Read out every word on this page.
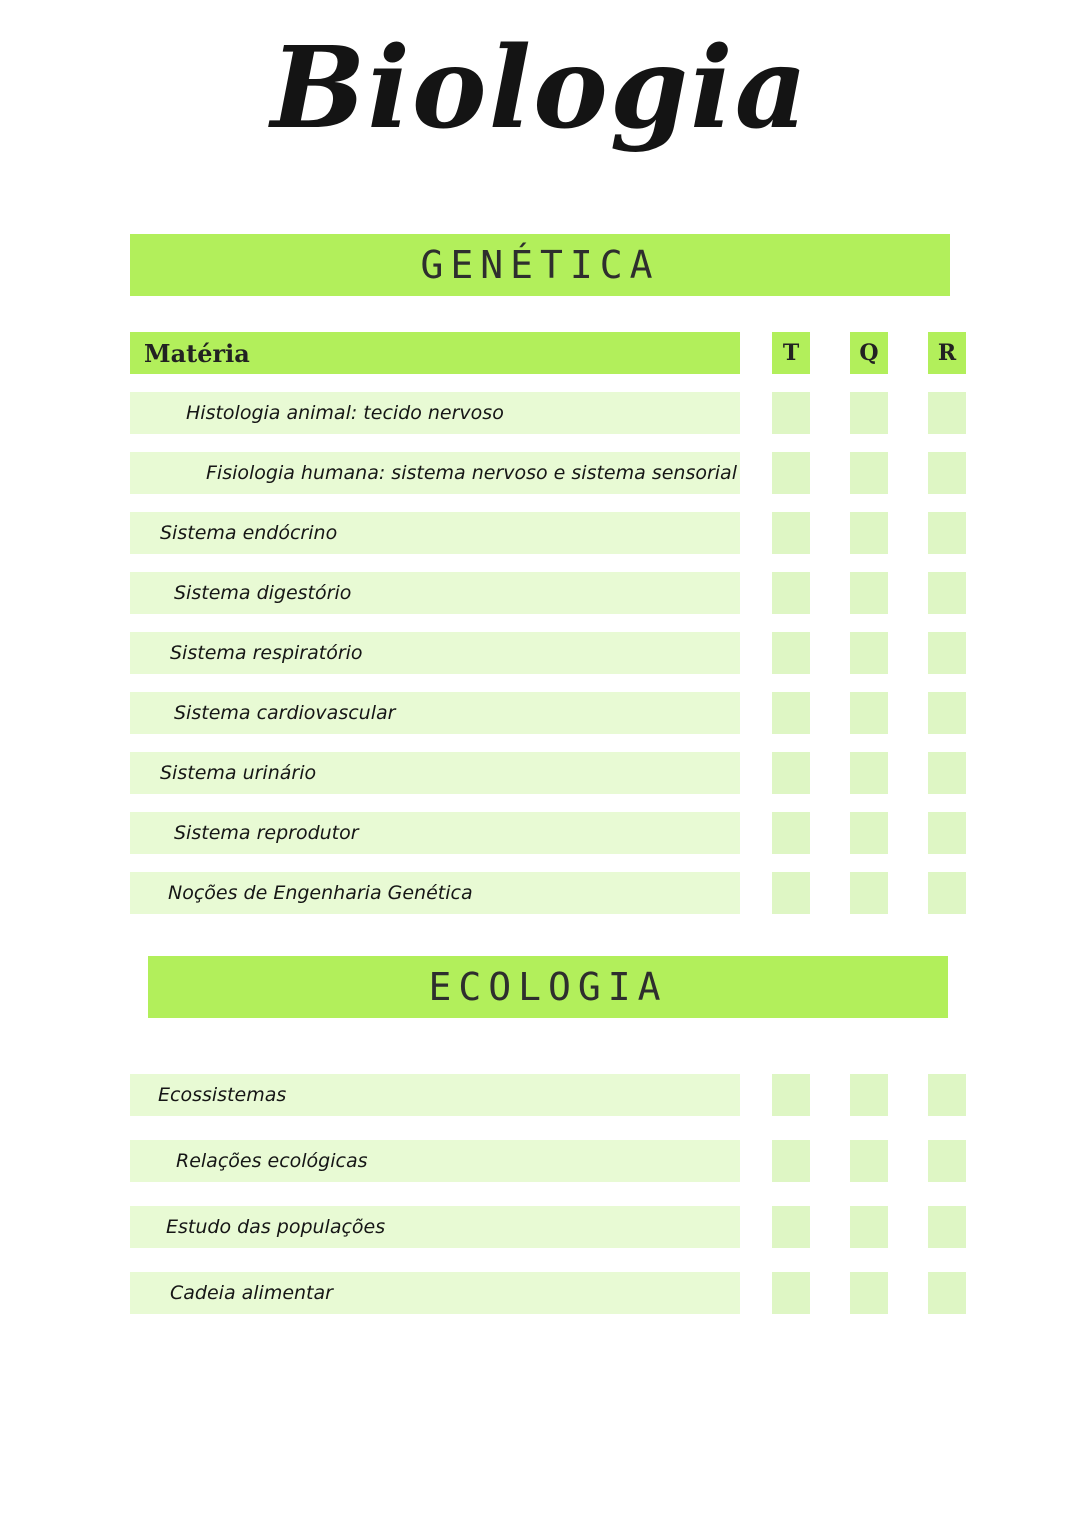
Biologia
GENÉTICA
Matéria	T	Q	R
Histologia animal: tecido nervoso
Fisiologia humana: sistema nervoso e sistema sensorial
Sistema endócrino
Sistema digestório
Sistema respiratório
Sistema cardiovascular
Sistema urinário
Sistema reprodutor
Noções de Engenharia Genética
ECOLOGIA
Ecossistemas
Relações ecológicas
Estudo das populações
Cadeia alimentar
